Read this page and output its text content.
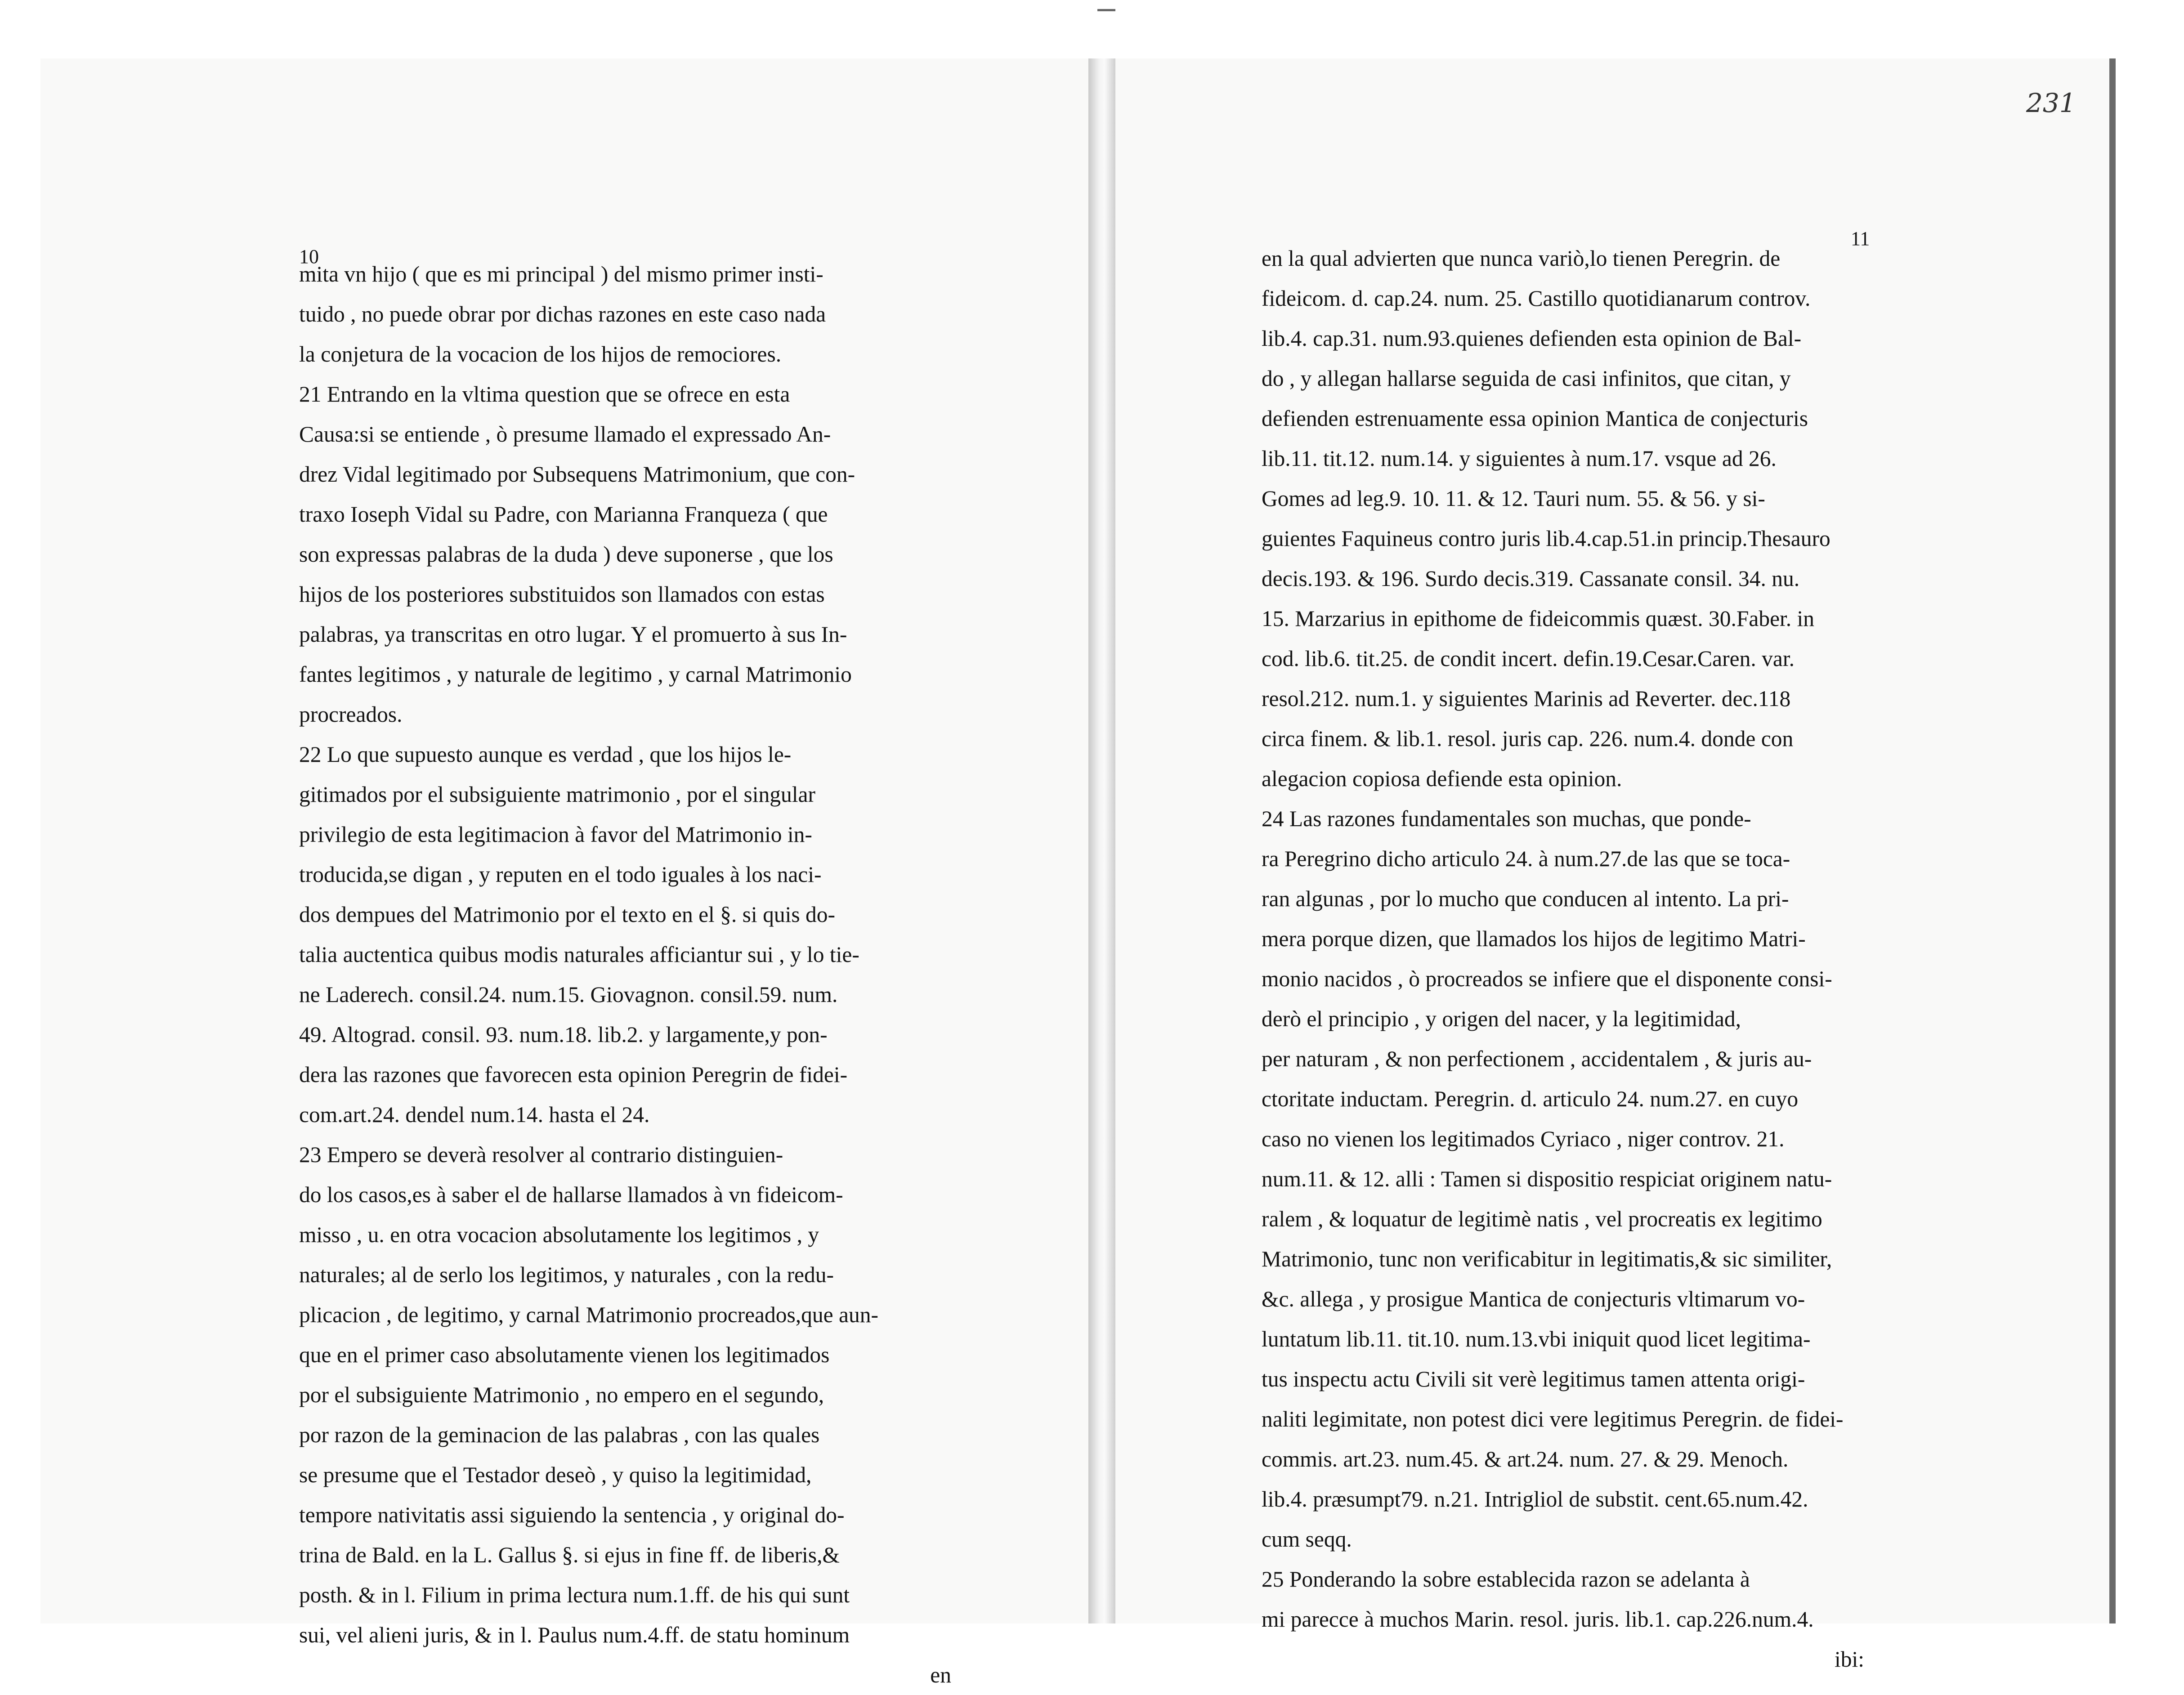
231
10
11
mita vn hijo ( que es mi principal ) del mismo primer insti-
tuido , no puede obrar por dichas razones en este caso nada
la conjetura de la vocacion de los hijos de remociores.
21 Entrando en la vltima question que se ofrece en esta
Causa:si se entiende , ò presume llamado el expressado An-
drez Vidal legitimado por Subsequens Matrimonium, que con-
traxo Ioseph Vidal su Padre, con Marianna Franqueza ( que
son expressas palabras de la duda ) deve suponerse , que los
hijos de los posteriores substituidos son llamados con estas
palabras, ya transcritas en otro lugar. Y el promuerto à sus In-
fantes legitimos , y naturale de legitimo , y carnal Matrimonio
procreados.
22 Lo que supuesto aunque es verdad , que los hijos le-
gitimados por el subsiguiente matrimonio , por el singular
privilegio de esta legitimacion à favor del Matrimonio in-
troducida,se digan , y reputen en el todo iguales à los naci-
dos dempues del Matrimonio por el texto en el §. si quis do-
talia auctentica quibus modis naturales afficiantur sui , y lo tie-
ne Laderech. consil.24. num.15. Giovagnon. consil.59. num.
49. Altograd. consil. 93. num.18. lib.2. y largamente,y pon-
dera las razones que favorecen esta opinion Peregrin de fidei-
com.art.24. dendel num.14. hasta el 24.
23 Empero se deverà resolver al contrario distinguien-
do los casos,es à saber el de hallarse llamados à vn fideicom-
misso , u. en otra vocacion absolutamente los legitimos , y
naturales; al de serlo los legitimos, y naturales , con la redu-
plicacion , de legitimo, y carnal Matrimonio procreados,que aun-
que en el primer caso absolutamente vienen los legitimados
por el subsiguiente Matrimonio , no empero en el segundo,
por razon de la geminacion de las palabras , con las quales
se presume que el Testador deseò , y quiso la legitimidad,
tempore nativitatis assi siguiendo la sentencia , y original do-
trina de Bald. en la L. Gallus §. si ejus in fine ff. de liberis,&
posth. & in l. Filium in prima lectura num.1.ff. de his qui sunt
sui, vel alieni juris, & in l. Paulus num.4.ff. de statu hominum
en
en la qual advierten que nunca variò,lo tienen Peregrin. de
fideicom. d. cap.24. num. 25. Castillo quotidianarum controv.
lib.4. cap.31. num.93.quienes defienden esta opinion de Bal-
do , y allegan hallarse seguida de casi infinitos, que citan, y
defienden estrenuamente essa opinion Mantica de conjecturis
lib.11. tit.12. num.14. y siguientes à num.17. vsque ad 26.
Gomes ad leg.9. 10. 11. & 12. Tauri num. 55. & 56. y si-
guientes Faquineus contro juris lib.4.cap.51.in princip.Thesauro
decis.193. & 196. Surdo decis.319. Cassanate consil. 34. nu.
15. Marzarius in epithome de fideicommis quæst. 30.Faber. in
cod. lib.6. tit.25. de condit incert. defin.19.Cesar.Caren. var.
resol.212. num.1. y siguientes Marinis ad Reverter. dec.118
circa finem. & lib.1. resol. juris cap. 226. num.4. donde con
alegacion copiosa defiende esta opinion.
24 Las razones fundamentales son muchas, que ponde-
ra Peregrino dicho articulo 24. à num.27.de las que se toca-
ran algunas , por lo mucho que conducen al intento. La pri-
mera porque dizen, que llamados los hijos de legitimo Matri-
monio nacidos , ò procreados se infiere que el disponente consi-
derò el principio , y origen del nacer, y la legitimidad,
per naturam , & non perfectionem , accidentalem , & juris au-
ctoritate inductam. Peregrin. d. articulo 24. num.27. en cuyo
caso no vienen los legitimados Cyriaco , niger controv. 21.
num.11. & 12. alli : Tamen si dispositio respiciat originem natu-
ralem , & loquatur de legitimè natis , vel procreatis ex legitimo
Matrimonio, tunc non verificabitur in legitimatis,& sic similiter,
&c. allega , y prosigue Mantica de conjecturis vltimarum vo-
luntatum lib.11. tit.10. num.13.vbi iniquit quod licet legitima-
tus inspectu actu Civili sit verè legitimus tamen attenta origi-
naliti legimitate, non potest dici vere legitimus Peregrin. de fidei-
commis. art.23. num.45. & art.24. num. 27. & 29. Menoch.
lib.4. præsumpt79. n.21. Intrigliol de substit. cent.65.num.42.
cum seqq.
25 Ponderando la sobre establecida razon se adelanta à
mi parecce à muchos Marin. resol. juris. lib.1. cap.226.num.4.
ibi:
